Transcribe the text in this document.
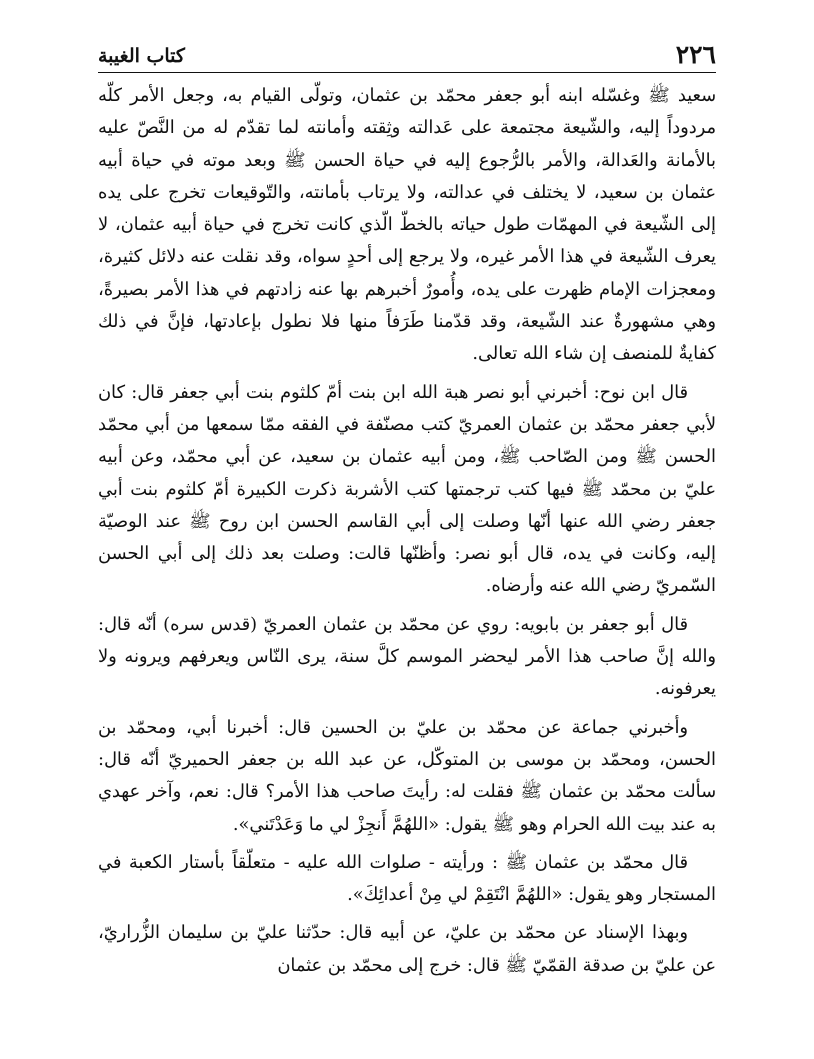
كتاب الغيبة	٢٢٦

سعيد ﷺ وغسّله ابنه أبو جعفر محمّد بن عثمان، وتولّى القيام به، وجعل الأمر كلّه مردوداً إليه، والشّيعة مجتمعة على عَدالته وثِقته وأمانته لما تقدّم له من النَّصّ عليه بالأمانة والعَدالة، والأمر بالرُّجوع إليه في حياة الحسن ﷺ وبعد موته في حياة أبيه عثمان بن سعيد، لا يختلف في عدالته، ولا يرتاب بأمانته، والتّوقيعات تخرج على يده إلى الشّيعة في المهمّات طول حياته بالخطّ الّذي كانت تخرج في حياة أبيه عثمان، لا يعرف الشّيعة في هذا الأمر غيره، ولا يرجع إلى أحدٍ سواه، وقد نقلت عنه دلائل كثيرة، ومعجزات الإمام ظهرت على يده، وأُمورٌ أخبرهم بها عنه زادتهم في هذا الأمر بصيرةً، وهي مشهورةٌ عند الشّيعة، وقد قدّمنا طَرَفاً منها فلا نطول بإعادتها، فإنَّ في ذلك كفايةٌ للمنصف إن شاء الله تعالى.

قال ابن نوح: أخبرني أبو نصر هبة الله ابن بنت أمّ كلثوم بنت أبي جعفر قال: كان لأبي جعفر محمّد بن عثمان العمريّ كتب مصنّفة في الفقه ممّا سمعها من أبي محمّد الحسن ﷺ ومن الصّاحب ﷺ، ومن أبيه عثمان بن سعيد، عن أبي محمّد، وعن أبيه عليّ بن محمّد ﷺ فيها كتب ترجمتها كتب الأشربة ذكرت الكبيرة أمّ كلثوم بنت أبي جعفر رضي الله عنها أنّها وصلت إلى أبي القاسم الحسن ابن روح ﷺ عند الوصيّة إليه، وكانت في يده، قال أبو نصر: وأظنّها قالت: وصلت بعد ذلك إلى أبي الحسن السّمريّ رضي الله عنه وأرضاه.

قال أبو جعفر بن بابويه: روي عن محمّد بن عثمان العمريّ (قدس سره) أنّه قال: والله إنَّ صاحب هذا الأمر ليحضر الموسم كلَّ سنة، يرى النّاس ويعرفهم ويرونه ولا يعرفونه.

وأخبرني جماعة عن محمّد بن عليّ بن الحسين قال: أخبرنا أبي، ومحمّد بن الحسن، ومحمّد بن موسى بن المتوكّل، عن عبد الله بن جعفر الحميريّ أنّه قال: سألت محمّد بن عثمان ﷺ فقلت له: رأيتَ صاحب هذا الأمر؟ قال: نعم، وآخر عهدي به عند بيت الله الحرام وهو ﷺ يقول: «اللهُمَّ أَنجِزْ لي ما وَعَدْتَني».

قال محمّد بن عثمان ﷺ : ورأيته - صلوات الله عليه - متعلّقاً بأستار الكعبة في المستجار وهو يقول: «اللهُمَّ انْتَقِمْ لي مِنْ أعدائِكَ».

وبهذا الإسناد عن محمّد بن عليّ، عن أبيه قال: حدّثنا عليّ بن سليمان الزُّراريّ، عن عليّ بن صدقة القمّيّ ﷺ قال: خرج إلى محمّد بن عثمان
